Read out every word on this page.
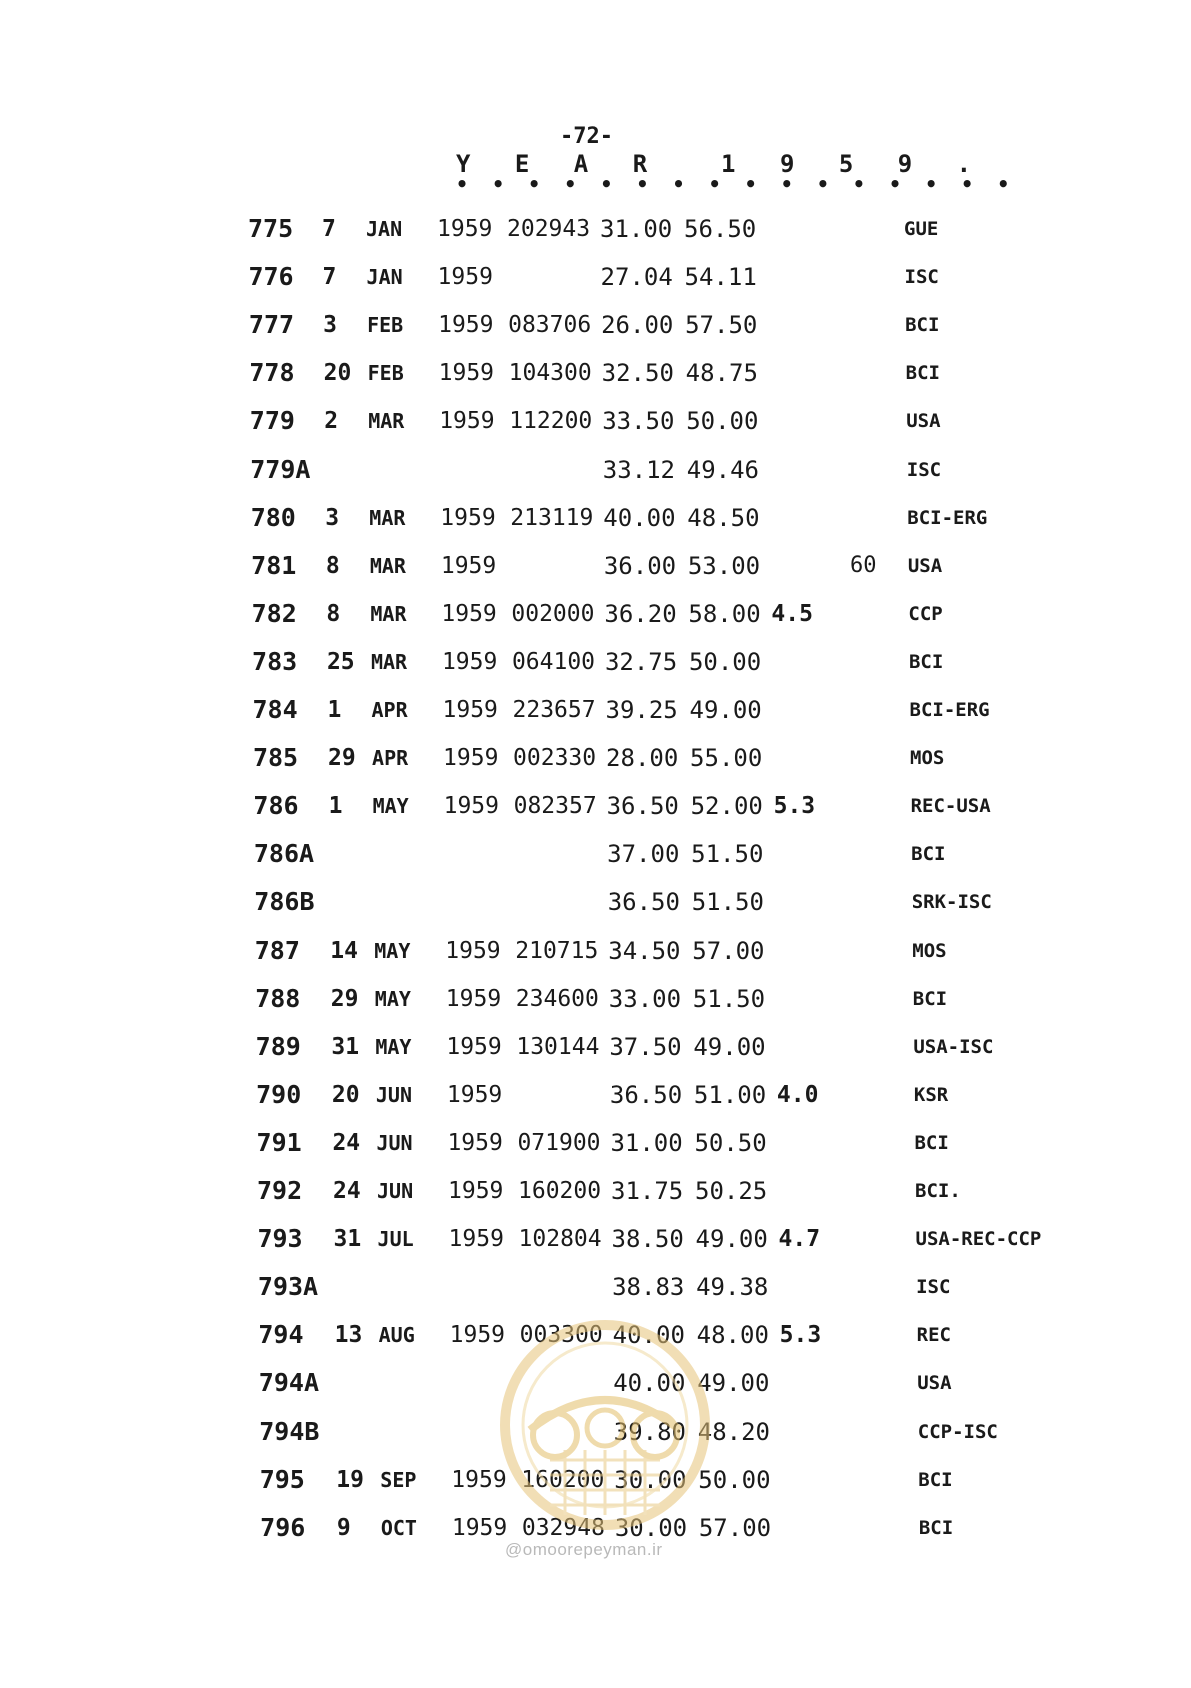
-72-
Y E A R  1 9 5 9 .
• • • • • • • • • • • • • • • •
775 7 JAN 1959 202943 31.00 56.50	GUE
776 7 JAN 1959	27.04 54.11	ISC
777 3 FEB 1959 083706 26.00 57.50	BCI
778 20 FEB 1959 104300 32.50 48.75	BCI
779 2 MAR 1959 112200 33.50 50.00	USA
779A	33.12 49.46	ISC
780 3 MAR 1959 213119 40.00 48.50	BCI-ERG
781 8 MAR 1959	36.00 53.00	60 USA
782 8 MAR 1959 002000 36.20 58.00 4.5	CCP
783 25 MAR 1959 064100 32.75 50.00	BCI
784 1 APR 1959 223657 39.25 49.00	BCI-ERG
785 29 APR 1959 002330 28.00 55.00	MOS
786 1 MAY 1959 082357 36.50 52.00 5.3	REC-USA
786A	37.00 51.50	BCI
786B	36.50 51.50	SRK-ISC
787 14 MAY 1959 210715 34.50 57.00	MOS
788 29 MAY 1959 234600 33.00 51.50	BCI
789 31 MAY 1959 130144 37.50 49.00	USA-ISC
790 20 JUN 1959	36.50 51.00 4.0	KSR
791 24 JUN 1959 071900 31.00 50.50	BCI
792 24 JUN 1959 160200 31.75 50.25	BCI.
793 31 JUL 1959 102804 38.50 49.00 4.7	USA-REC-CCP
793A	38.83 49.38	ISC
794 13 AUG 1959 003300 40.00 48.00 5.3	REC
794A	40.00 49.00	USA
794B	39.80 48.20	CCP-ISC
795 19 SEP 1959 160200 30.00 50.00	BCI
796 9 OCT 1959 032948 30.00 57.00	BCI
@omoorepeyman.ir
